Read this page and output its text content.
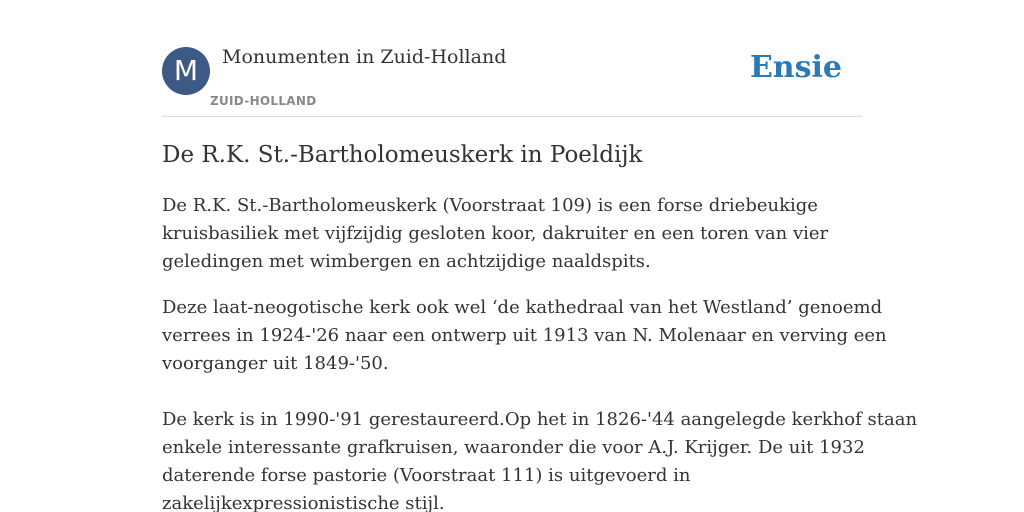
M	Monumenten in Zuid-Holland
ZUID-HOLLAND
Ensie
De R.K. St.-Bartholomeuskerk in Poeldijk

De R.K. St.-Bartholomeuskerk (Voorstraat 109) is een forse driebeukige
kruisbasiliek met vijfzijdig gesloten koor, dakruiter en een toren van vier
geledingen met wimbergen en achtzijdige naaldspits.

Deze laat-neogotische kerk ook wel ‘de kathedraal van het Westland’ genoemd
verrees in 1924-'26 naar een ontwerp uit 1913 van N. Molenaar en verving een
voorganger uit 1849-'50.

De kerk is in 1990-'91 gerestaureerd.Op het in 1826-'44 aangelegde kerkhof staan
enkele interessante grafkruisen, waaronder die voor A.J. Krijger. De uit 1932
daterende forse pastorie (Voorstraat 111) is uitgevoerd in
zakelijkexpressionistische stijl.
